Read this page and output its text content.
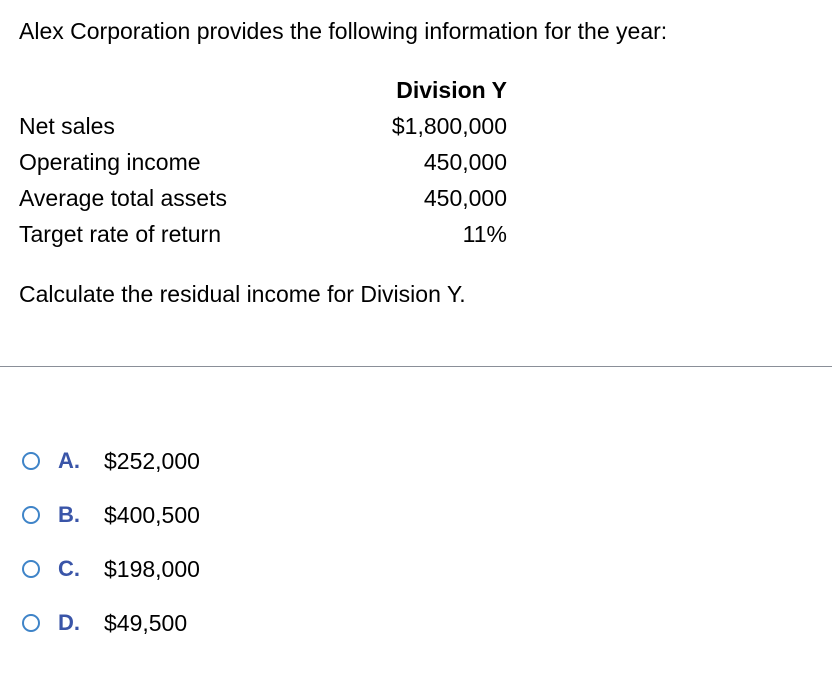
Alex Corporation provides the following information for the year:
	Division Y
Net sales	$1,800,000
Operating income	450,000
Average total assets	450,000
Target rate of return	11%
Calculate the residual income for Division Y.
A.	$252,000
B.	$400,500
C.	$198,000
D.	$49,500
